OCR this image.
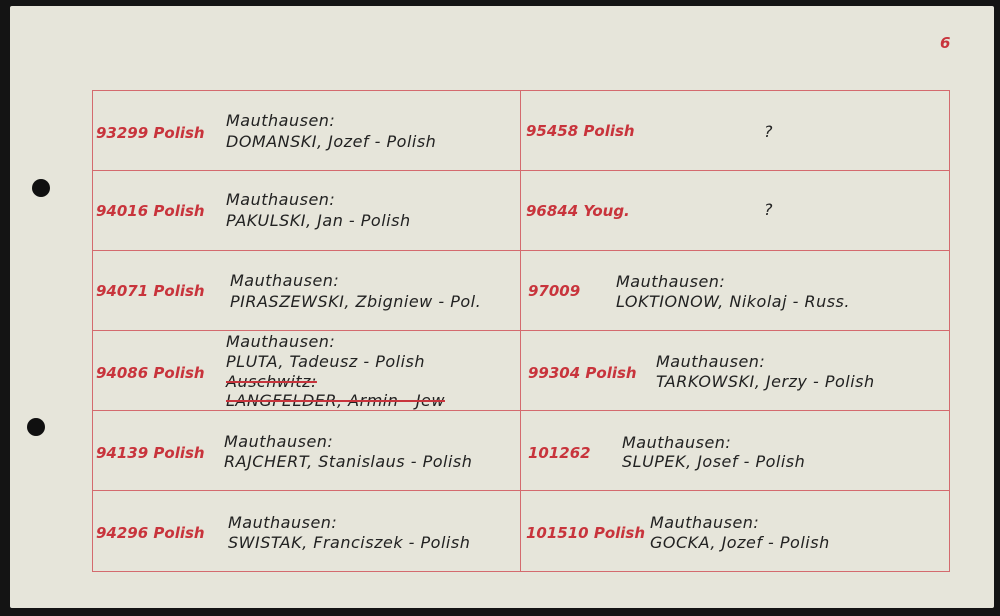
6
93299 Polish
Mauthausen:
DOMANSKI, Jozef - Polish
94016 Polish
Mauthausen:
PAKULSKI, Jan - Polish
94071 Polish
Mauthausen:
PIRASZEWSKI, Zbigniew - Pol.
94086 Polish
Mauthausen:
PLUTA, Tadeusz - Polish
Auschwitz:
LANGFELDER, Armin - Jew
94139 Polish
Mauthausen:
RAJCHERT, Stanislaus - Polish
94296 Polish
Mauthausen:
SWISTAK, Franciszek - Polish
95458 Polish	?
96844 Youg.	?
97009 Mauthausen:
LOKTIONOW, Nikolaj - Russ.
99304 Polish
Mauthausen:
TARKOWSKI, Jerzy - Polish
101262
Mauthausen:
SLUPEK, Josef - Polish
101510 Polish
Mauthausen:
GOCKA, Jozef - Polish
